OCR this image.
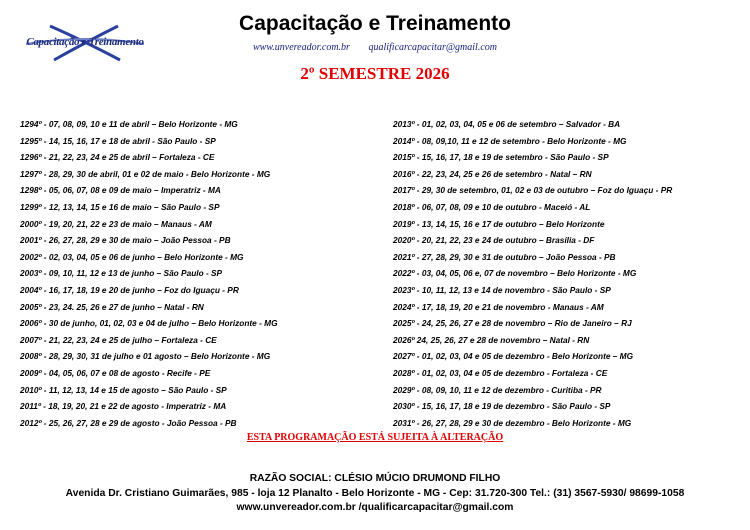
Capacitação e Treinamento
Capacitação e Treinamento
www.unvereador.com.br qualificarcapacitar@gmail.com
2º SEMESTRE 2026
1294º - 07, 08, 09, 10 e 11 de abril – Belo Horizonte - MG
1295º - 14, 15, 16, 17 e 18 de abril - São Paulo - SP
1296º - 21, 22, 23, 24 e 25 de abril – Fortaleza - CE
1297º - 28, 29, 30 de abril, 01 e 02 de maio - Belo Horizonte - MG
1298º - 05, 06, 07, 08 e 09 de maio – Imperatriz - MA
1299º - 12, 13, 14, 15 e 16 de maio – São Paulo - SP
2000º - 19, 20, 21, 22 e 23 de maio – Manaus - AM
2001º - 26, 27, 28, 29 e 30 de maio – João Pessoa - PB
2002º - 02, 03, 04, 05 e 06 de junho – Belo Horizonte - MG
2003º - 09, 10, 11, 12 e 13 de junho – São Paulo - SP
2004º - 16, 17, 18, 19 e 20 de junho – Foz do Iguaçu - PR
2005º - 23, 24. 25, 26 e 27 de junho – Natal - RN
2006º - 30 de junho, 01, 02, 03 e 04 de julho – Belo Horizonte - MG
2007º - 21, 22, 23, 24 e 25 de julho – Fortaleza - CE
2008º - 28, 29, 30, 31 de julho e 01 agosto – Belo Horizonte - MG
2009º - 04, 05, 06, 07 e 08 de agosto - Recife - PE
2010º - 11, 12, 13, 14 e 15 de agosto – São Paulo - SP
2011º - 18, 19, 20, 21 e 22 de agosto - Imperatriz - MA
2012º - 25, 26, 27, 28 e 29 de agosto - João Pessoa - PB
2013º - 01, 02, 03, 04, 05 e 06 de setembro – Salvador - BA
2014º - 08, 09,10, 11 e 12 de setembro - Belo Horizonte - MG
2015º - 15, 16, 17, 18 e 19 de setembro - São Paulo - SP
2016º - 22, 23, 24, 25 e 26 de setembro - Natal – RN
2017º - 29, 30 de setembro, 01, 02 e 03 de outubro – Foz do Iguaçu - PR
2018º - 06, 07, 08, 09 e 10 de outubro - Maceió - AL
2019º - 13, 14, 15, 16 e 17 de outubro – Belo Horizonte
2020º - 20, 21, 22, 23 e 24 de outubro – Brasília - DF
2021º - 27, 28, 29, 30 e 31 de outubro – João Pessoa - PB
2022º - 03, 04, 05, 06 e, 07 de novembro – Belo Horizonte - MG
2023º - 10, 11, 12, 13 e 14 de novembro - São Paulo - SP
2024º - 17, 18, 19, 20 e 21 de novembro - Manaus - AM
2025º - 24, 25, 26, 27 e 28 de novembro – Rio de Janeiro – RJ
2026º 24, 25, 26, 27 e 28 de novembro – Natal - RN
2027º - 01, 02, 03, 04 e 05 de dezembro - Belo Horizonte – MG
2028º - 01, 02, 03, 04 e 05 de dezembro - Fortaleza - CE
2029º - 08, 09, 10, 11 e 12 de dezembro - Curitiba - PR
2030º - 15, 16, 17, 18 e 19 de dezembro - São Paulo - SP
2031º - 26, 27, 28, 29 e 30 de dezembro - Belo Horizonte - MG
ESTA PROGRAMAÇÃO ESTÁ SUJEITA À ALTERAÇÃO
RAZÃO SOCIAL: CLÉSIO MÚCIO DRUMOND FILHO
Avenida Dr. Cristiano Guimarães, 985 - loja 12 Planalto - Belo Horizonte - MG - Cep: 31.720-300 Tel.: (31) 3567-5930/ 98699-1058
www.unvereador.com.br /qualificarcapacitar@gmail.com
